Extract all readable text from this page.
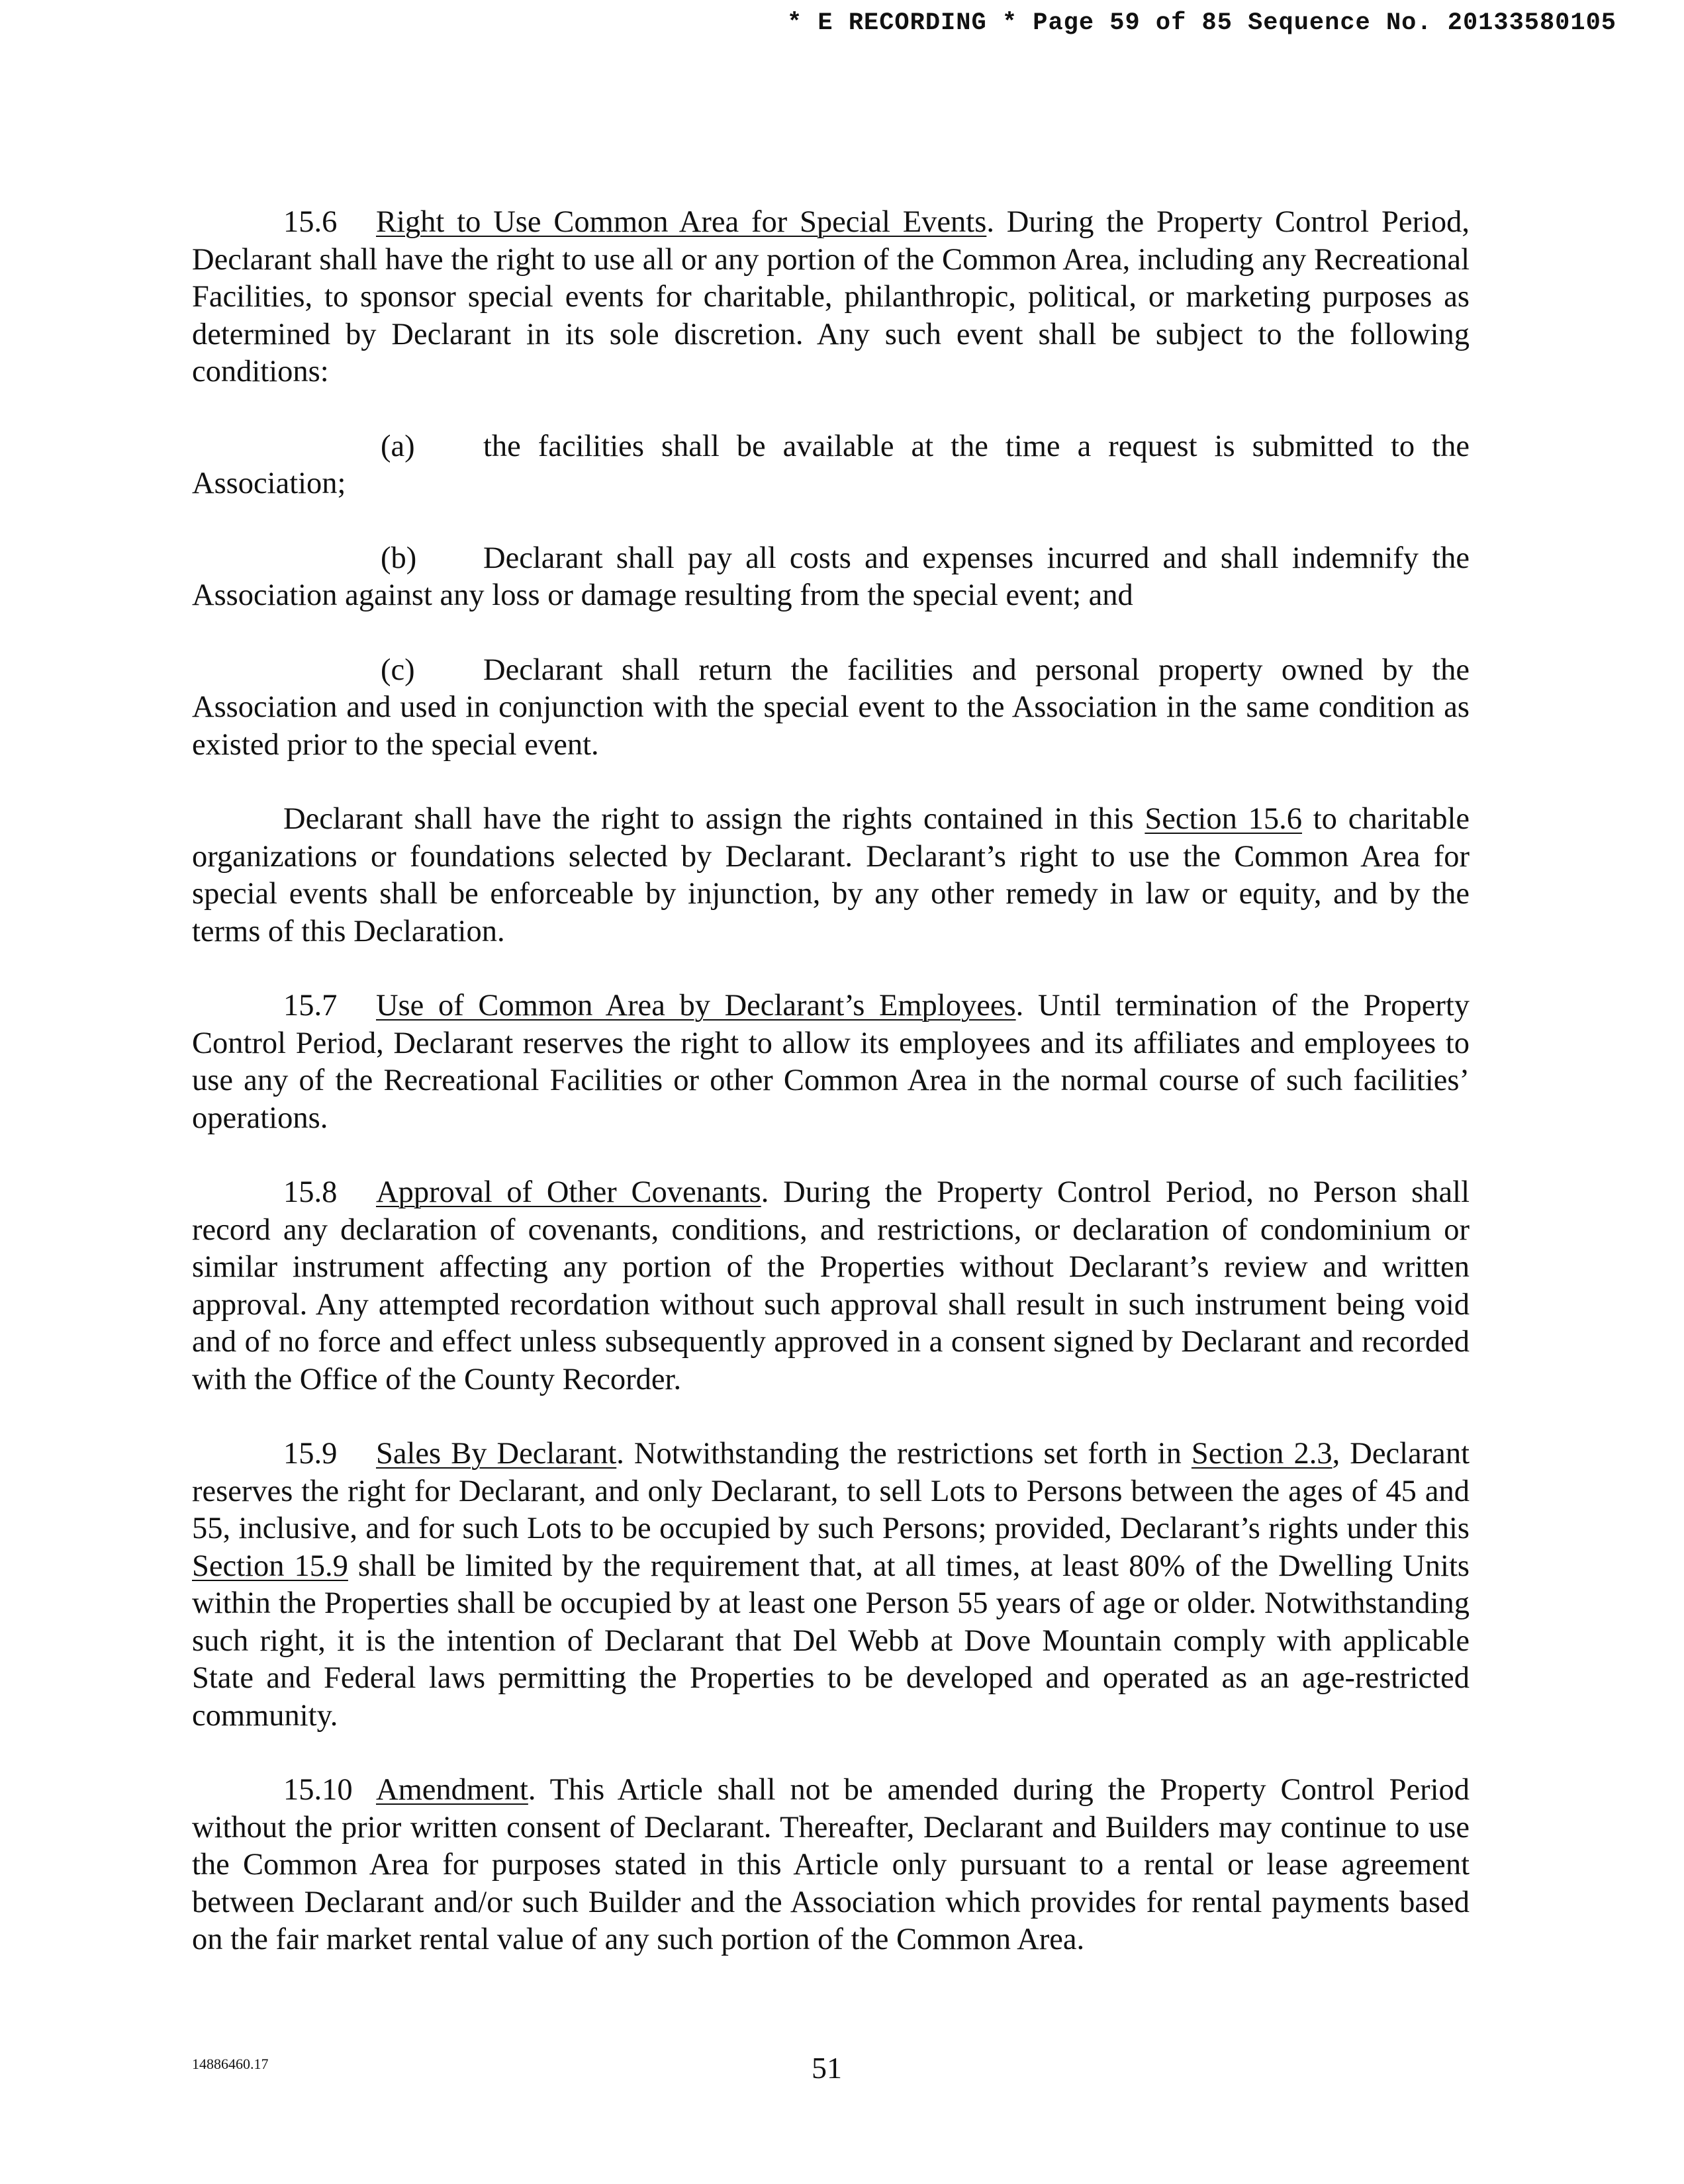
* E RECORDING * Page 59 of 85 Sequence No. 20133580105

15.6 Right to Use Common Area for Special Events. During the Property Control Period, Declarant shall have the right to use all or any portion of the Common Area, including any Recreational Facilities, to sponsor special events for charitable, philanthropic, political, or marketing purposes as determined by Declarant in its sole discretion. Any such event shall be subject to the following conditions:

(a) the facilities shall be available at the time a request is submitted to the Association;

(b) Declarant shall pay all costs and expenses incurred and shall indemnify the Association against any loss or damage resulting from the special event; and

(c) Declarant shall return the facilities and personal property owned by the Association and used in conjunction with the special event to the Association in the same condition as existed prior to the special event.

Declarant shall have the right to assign the rights contained in this Section 15.6 to charitable organizations or foundations selected by Declarant. Declarant’s right to use the Common Area for special events shall be enforceable by injunction, by any other remedy in law or equity, and by the terms of this Declaration.

15.7 Use of Common Area by Declarant’s Employees. Until termination of the Property Control Period, Declarant reserves the right to allow its employees and its affiliates and employees to use any of the Recreational Facilities or other Common Area in the normal course of such facilities’ operations.

15.8 Approval of Other Covenants. During the Property Control Period, no Person shall record any declaration of covenants, conditions, and restrictions, or declaration of condominium or similar instrument affecting any portion of the Properties without Declarant’s review and written approval. Any attempted recordation without such approval shall result in such instrument being void and of no force and effect unless subsequently approved in a consent signed by Declarant and recorded with the Office of the County Recorder.

15.9 Sales By Declarant. Notwithstanding the restrictions set forth in Section 2.3, Declarant reserves the right for Declarant, and only Declarant, to sell Lots to Persons between the ages of 45 and 55, inclusive, and for such Lots to be occupied by such Persons; provided, Declarant’s rights under this Section 15.9 shall be limited by the requirement that, at all times, at least 80% of the Dwelling Units within the Properties shall be occupied by at least one Person 55 years of age or older. Notwithstanding such right, it is the intention of Declarant that Del Webb at Dove Mountain comply with applicable State and Federal laws permitting the Properties to be developed and operated as an age-restricted community.

15.10 Amendment. This Article shall not be amended during the Property Control Period without the prior written consent of Declarant. Thereafter, Declarant and Builders may continue to use the Common Area for purposes stated in this Article only pursuant to a rental or lease agreement between Declarant and/or such Builder and the Association which provides for rental payments based on the fair market rental value of any such portion of the Common Area.

14886460.17	51
